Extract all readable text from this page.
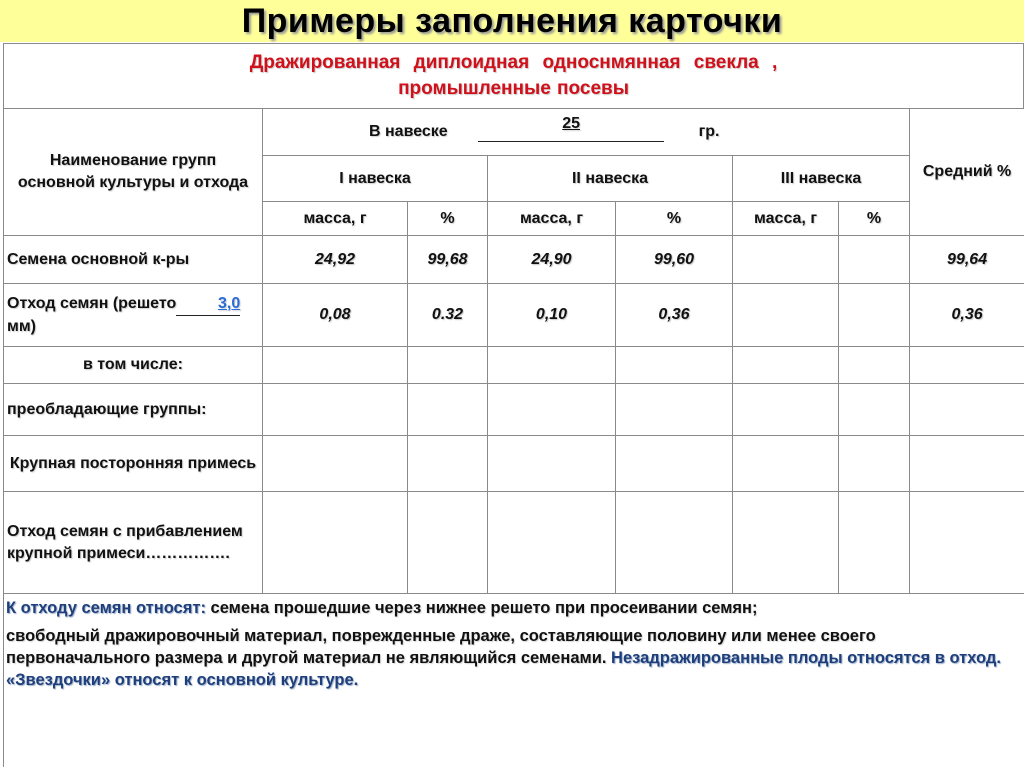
Примеры заполнения карточки
Дражированная диплоидная односнмянная свекла ,
промышленные посевы
Наименование групп основной культуры и отхода	В навеске 25 гр.						Средний %
	I навеска		II навеска		III навеска		
	масса, г	%	масса, г	%	масса, г	%	
Семена основной к-ры	24,92	99,68	24,90	99,60			99,64
Отход семян (решето 3,0 мм)	0,08	0.32	0,10	0,36			0,36
в том числе:							
преобладающие группы:							
Крупная посторонняя примесь							
Отход семян с прибавлением крупной примеси…………….							

К отходу семян относят: семена прошедшие через нижнее решето при просеивании семян;

свободный дражировочный материал, поврежденные драже, составляющие половину или менее своего первоначального размера и другой материал не являющийся семенами. Незадражированные плоды относятся в отход. «Звездочки» относят к основной культуре.
